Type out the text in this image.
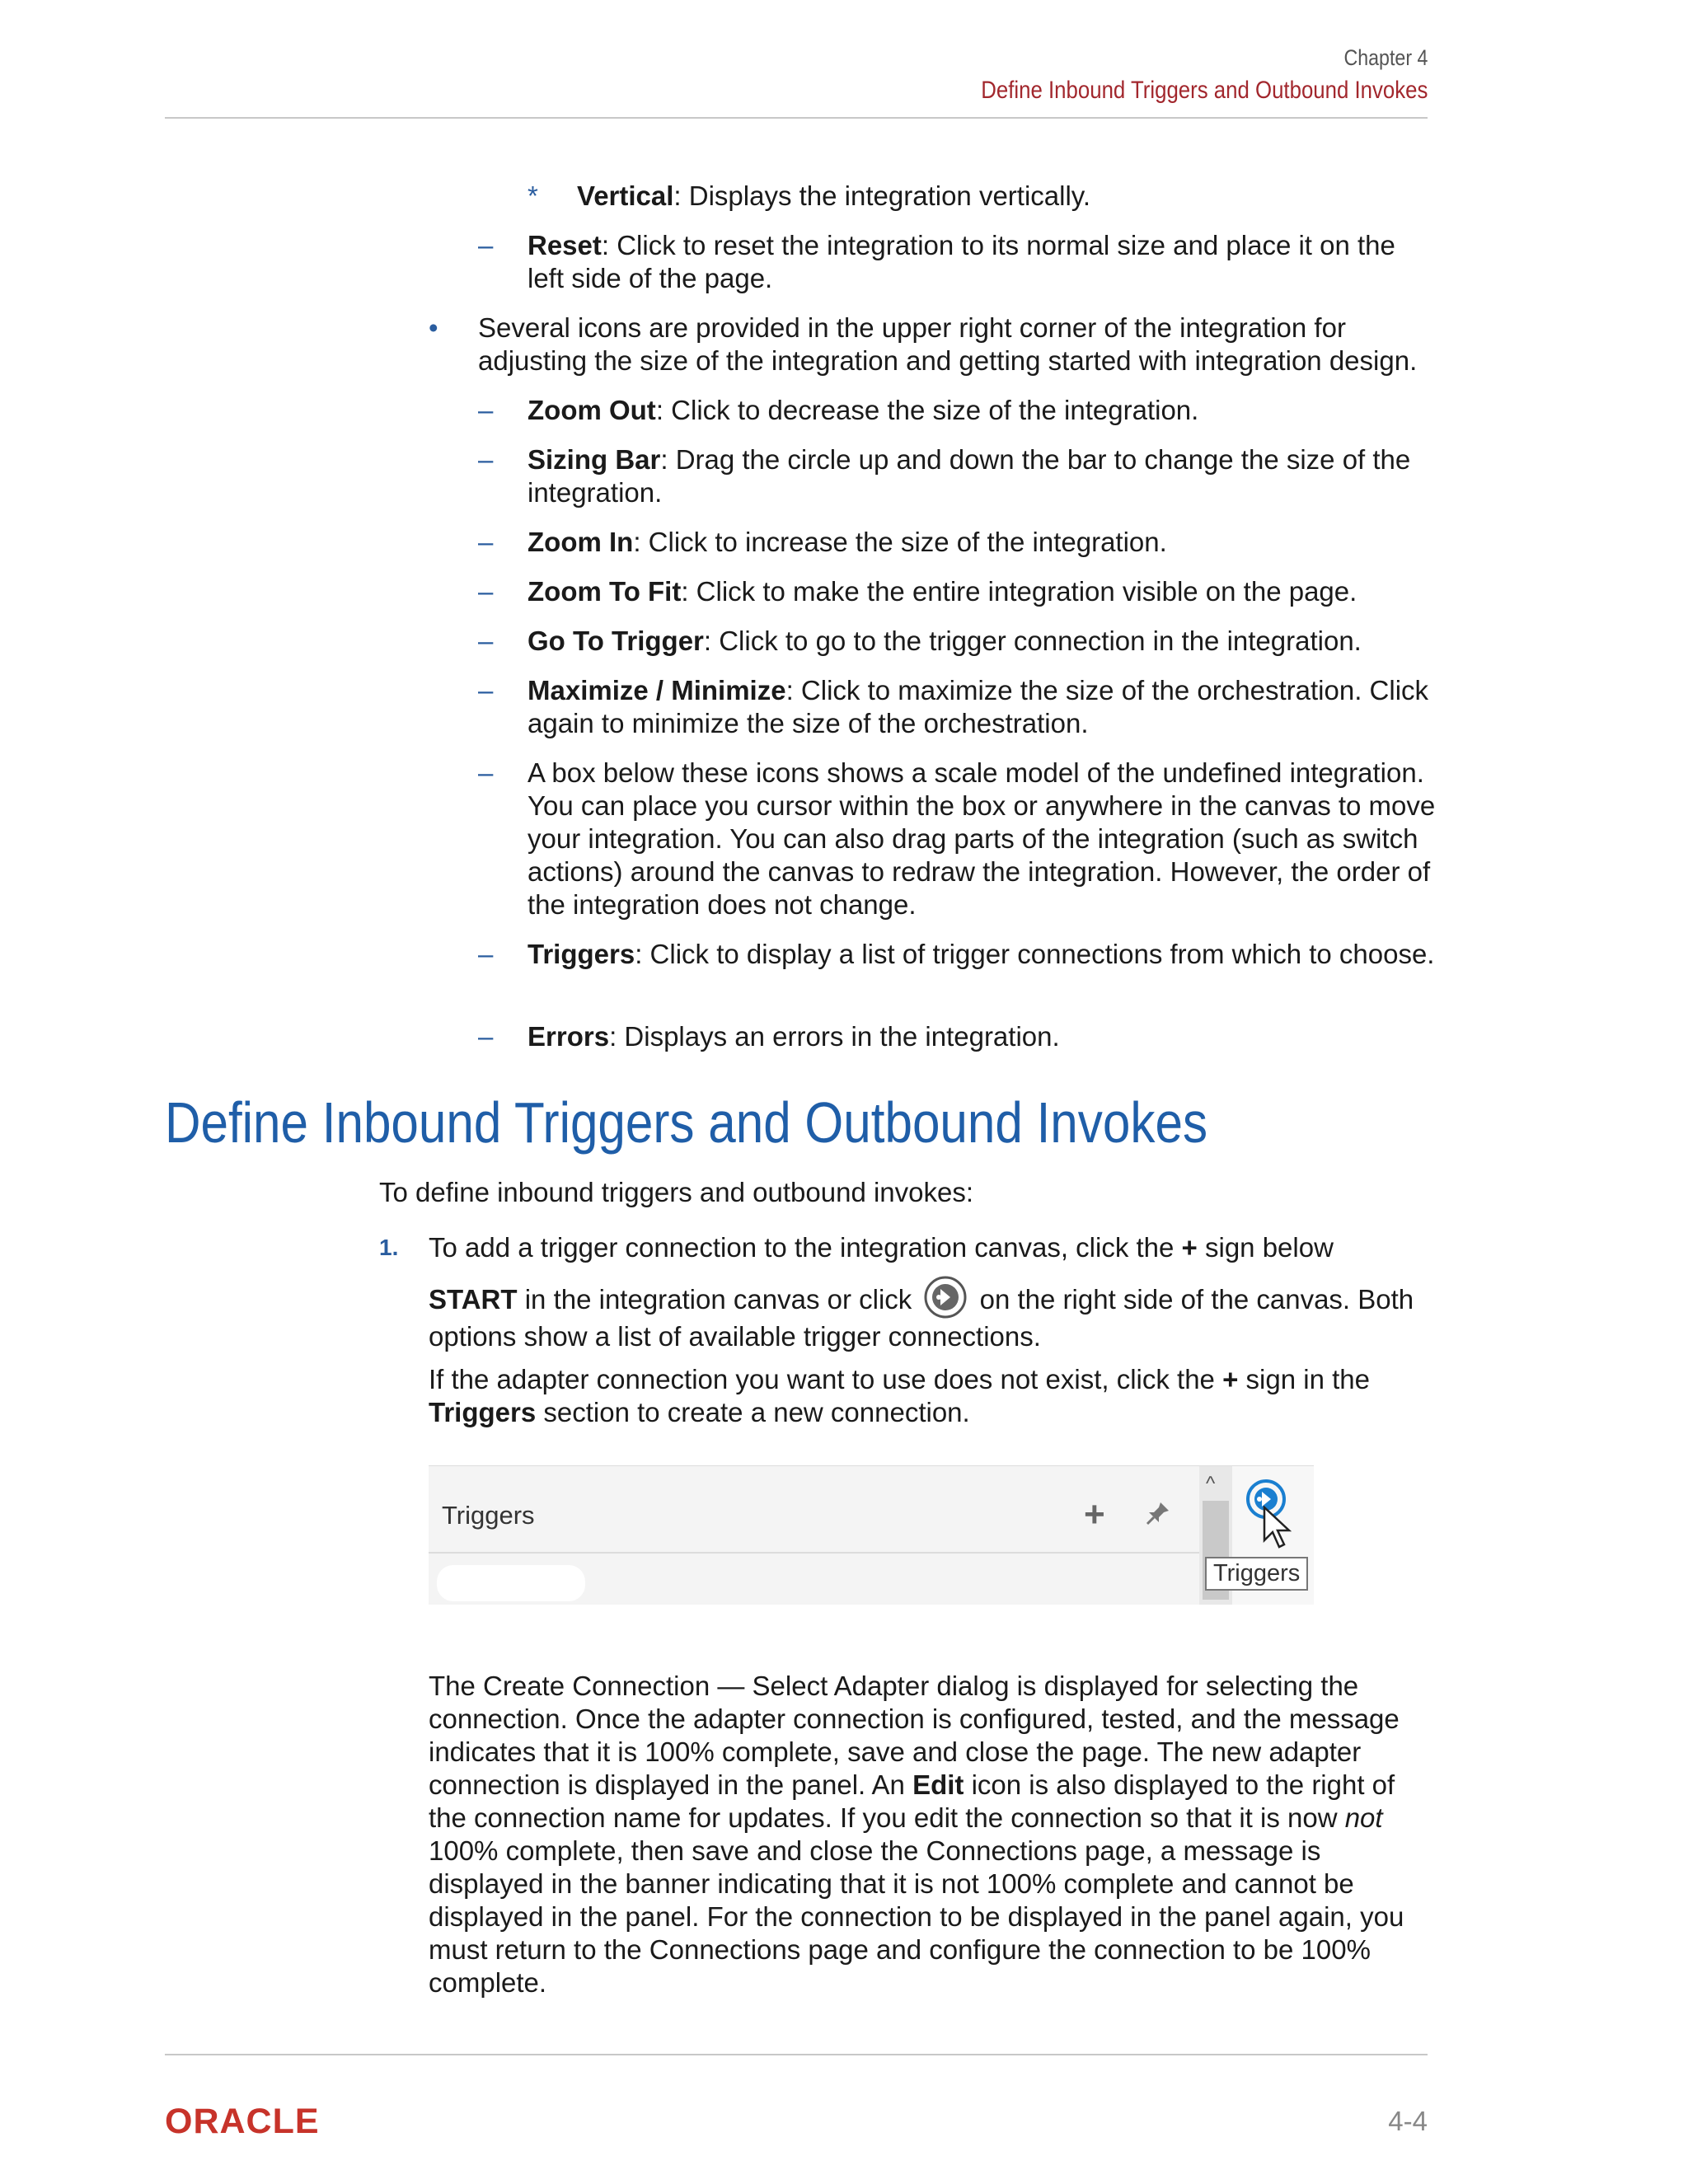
Chapter 4
Define Inbound Triggers and Outbound Invokes
* Vertical: Displays the integration vertically.
– Reset: Click to reset the integration to its normal size and place it on the left side of the page.
• Several icons are provided in the upper right corner of the integration for adjusting the size of the integration and getting started with integration design.
– Zoom Out: Click to decrease the size of the integration.
– Sizing Bar: Drag the circle up and down the bar to change the size of the integration.
– Zoom In: Click to increase the size of the integration.
– Zoom To Fit: Click to make the entire integration visible on the page.
– Go To Trigger: Click to go to the trigger connection in the integration.
– Maximize / Minimize: Click to maximize the size of the orchestration. Click again to minimize the size of the orchestration.
– A box below these icons shows a scale model of the undefined integration. You can place you cursor within the box or anywhere in the canvas to move your integration. You can also drag parts of the integration (such as switch actions) around the canvas to redraw the integration. However, the order of the integration does not change.
– Triggers: Click to display a list of trigger connections from which to choose.
– Errors: Displays an errors in the integration.
Define Inbound Triggers and Outbound Invokes
To define inbound triggers and outbound invokes:
1. To add a trigger connection to the integration canvas, click the + sign below
START in the integration canvas or click  on the right side of the canvas. Both options show a list of available trigger connections.
If the adapter connection you want to use does not exist, click the + sign in the
Triggers section to create a new connection.
Triggers	+
^
Triggers
The Create Connection — Select Adapter dialog is displayed for selecting the connection. Once the adapter connection is configured, tested, and the message indicates that it is 100% complete, save and close the page. The new adapter connection is displayed in the panel. An Edit icon is also displayed to the right of the connection name for updates. If you edit the connection so that it is now not 100% complete, then save and close the Connections page, a message is displayed in the banner indicating that it is not 100% complete and cannot be displayed in the panel. For the connection to be displayed in the panel again, you must return to the Connections page and configure the connection to be 100% complete.
ORACLE	4-4
